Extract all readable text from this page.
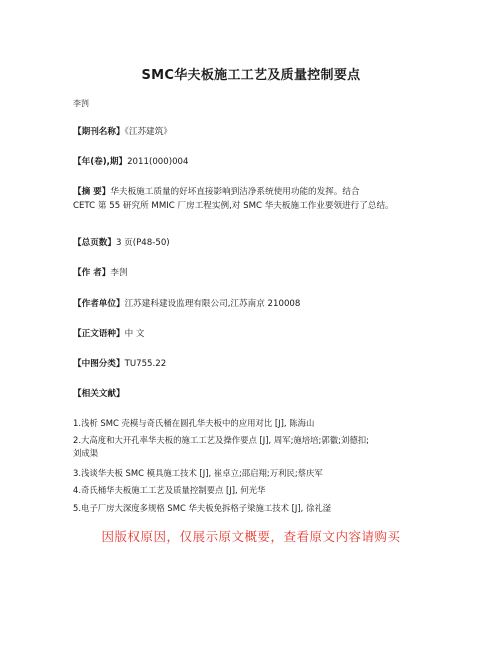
SMC华夫板施工工艺及质量控制要点
李剀
【期刊名称】《江苏建筑》
【年(卷),期】2011(000)004
【摘 要】华夫板施工质量的好坏直接影响到洁净系统使用功能的发挥。结合
CETC 第 55 研究所 MMIC 厂房工程实例,对 SMC 华夫板施工作业要领进行了总结。
【总页数】3 页(P48-50)
【作 者】李剀
【作者单位】江苏建科建设监理有限公司,江苏南京 210008
【正文语种】中 文
【中图分类】TU755.22
【相关文献】
1.浅析 SMC 壳模与奇氏桶在圆孔华夫板中的应用对比 [J], 陈海山
2.大高度和大开孔率华夫板的施工工艺及操作要点 [J], 周军;施培培;郭徽;刘德扣;
刘成渠
3.浅谈华夫板 SMC 模具施工技术 [J], 崔卓立;邵启翔;万利民;蔡庆军
4.奇氏桶华夫板施工工艺及质量控制要点 [J], 何光华
5.电子厂房大深度多规格 SMC 华夫板免拆格子梁施工技术 [J], 徐礼滏
因版权原因，仅展示原文概要，查看原文内容请购买
